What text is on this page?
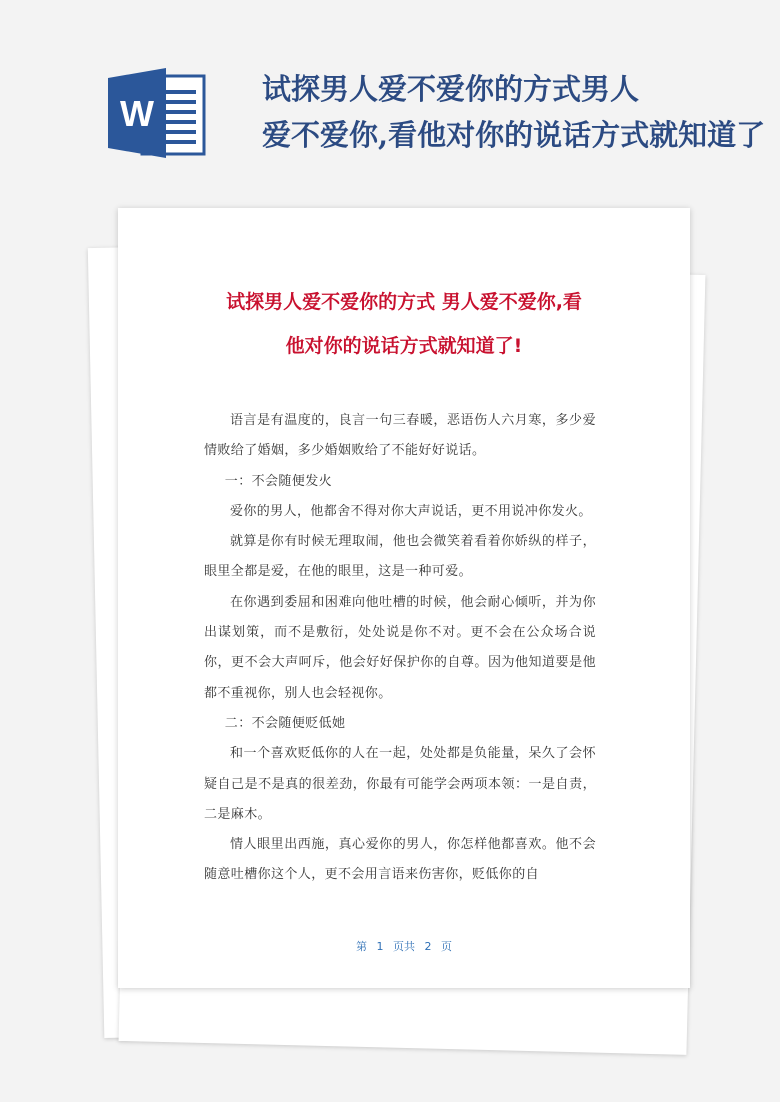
W
试探男人爱不爱你的方式男人
爱不爱你,看他对你的说话方式就知道了
试探男人爱不爱你的方式 男人爱不爱你,看
他对你的说话方式就知道了!

语言是有温度的，良言一句三春暖，恶语伤人六月寒，多少爱情败给了婚姻，多少婚姻败给了不能好好说话。

一：不会随便发火

爱你的男人，他都舍不得对你大声说话，更不用说冲你发火。

就算是你有时候无理取闹，他也会微笑着看着你娇纵的样子，眼里全都是爱，在他的眼里，这是一种可爱。

在你遇到委屈和困难向他吐槽的时候，他会耐心倾听，并为你出谋划策，而不是敷衍，处处说是你不对。更不会在公众场合说你，更不会大声呵斥，他会好好保护你的自尊。因为他知道要是他都不重视你，别人也会轻视你。

二：不会随便贬低她

和一个喜欢贬低你的人在一起，处处都是负能量，呆久了会怀疑自己是不是真的很差劲，你最有可能学会两项本领：一是自责，二是麻木。

情人眼里出西施，真心爱你的男人，你怎样他都喜欢。他不会随意吐槽你这个人，更不会用言语来伤害你，贬低你的自

第 1 页共 2 页
